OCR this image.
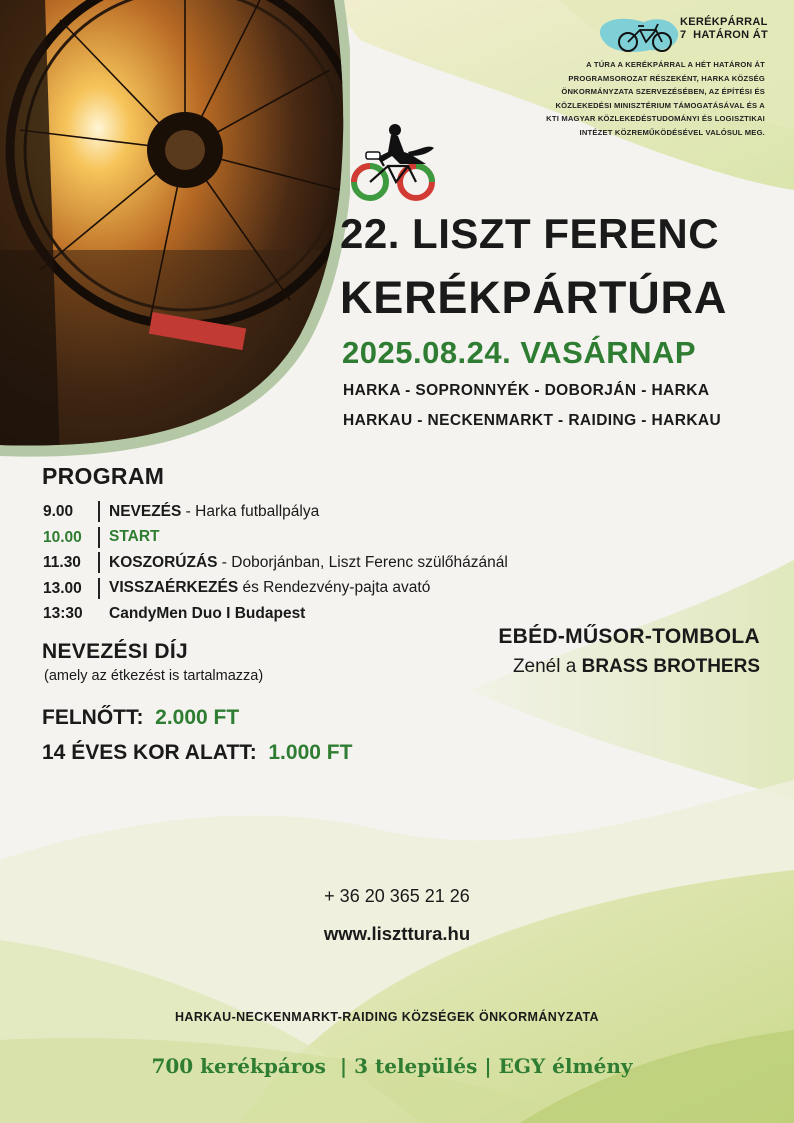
KERÉKPÁRRAL
7  HATÁRON ÁT
A TÚRA A KERÉKPÁRRAL A HÉT HATÁRON ÁT
PROGRAMSOROZAT RÉSZEKÉNT, HARKA KÖZSÉG
ÖNKORMÁNYZATA SZERVEZÉSÉBEN, AZ ÉPÍTÉSI ÉS
KÖZLEKEDÉSI MINISZTÉRIUM TÁMOGATÁSÁVAL ÉS A
KTI MAGYAR KÖZLEKEDÉSTUDOMÁNYI ÉS LOGISZTIKAI
INTÉZET KÖZREMŰKÖDÉSÉVEL VALÓSUL MEG.
22. LISZT FERENC
KERÉKPÁRTÚRA
2025.08.24. VASÁRNAP
HARKA - SOPRONNYÉK - DOBORJÁN - HARKA
HARKAU - NECKENMARKT - RAIDING - HARKAU
PROGRAM
9.00	NEVEZÉS - Harka futballpálya
10.00	START
11.30	KOSZORÚZÁS - Doborjánban, Liszt Ferenc szülőházánál
13.00	VISSZAÉRKEZÉS és Rendezvény-pajta avató
13:30	CandyMen Duo I Budapest
NEVEZÉSI DÍJ
(amely az étkezést is tartalmazza)
FELNŐTT: 2.000 FT
14 ÉVES KOR ALATT: 1.000 FT
EBÉD-MŰSOR-TOMBOLA
Zenél a BRASS BROTHERS
+ 36 20 365 21 26
www.liszttura.hu
HARKAU-NECKENMARKT-RAIDING KÖZSÉGEK ÖNKORMÁNYZATA
700 kerékpáros  | 3 település | EGY élmény
